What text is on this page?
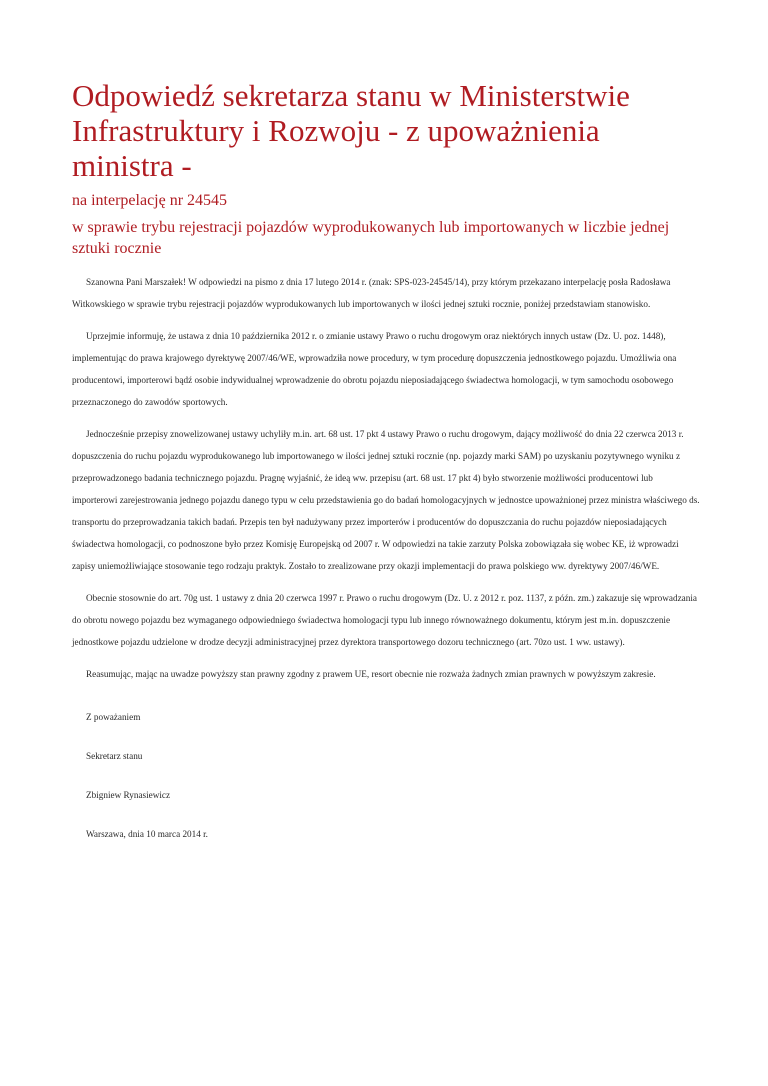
Odpowiedź sekretarza stanu w Ministerstwie Infrastruktury i Rozwoju - z upoważnienia ministra -
na interpelację nr 24545
w sprawie trybu rejestracji pojazdów wyprodukowanych lub importowanych w liczbie jednej sztuki rocznie

Szanowna Pani Marszałek! W odpowiedzi na pismo z dnia 17 lutego 2014 r. (znak: SPS-023-24545/14), przy którym przekazano interpelację posła Radosława Witkowskiego w sprawie trybu rejestracji pojazdów wyprodukowanych lub importowanych w ilości jednej sztuki rocznie, poniżej przedstawiam stanowisko.

Uprzejmie informuję, że ustawa z dnia 10 października 2012 r. o zmianie ustawy Prawo o ruchu drogowym oraz niektórych innych ustaw (Dz. U. poz. 1448), implementując do prawa krajowego dyrektywę 2007/46/WE, wprowadziła nowe procedury, w tym procedurę dopuszczenia jednostkowego pojazdu. Umożliwia ona producentowi, importerowi bądź osobie indywidualnej wprowadzenie do obrotu pojazdu nieposiadającego świadectwa homologacji, w tym samochodu osobowego przeznaczonego do zawodów sportowych.

Jednocześnie przepisy znowelizowanej ustawy uchyliły m.in. art. 68 ust. 17 pkt 4 ustawy Prawo o ruchu drogowym, dający możliwość do dnia 22 czerwca 2013 r. dopuszczenia do ruchu pojazdu wyprodukowanego lub importowanego w ilości jednej sztuki rocznie (np. pojazdy marki SAM) po uzyskaniu pozytywnego wyniku z przeprowadzonego badania technicznego pojazdu. Pragnę wyjaśnić, że ideą ww. przepisu (art. 68 ust. 17 pkt 4) było stworzenie możliwości producentowi lub importerowi zarejestrowania jednego pojazdu danego typu w celu przedstawienia go do badań homologacyjnych w jednostce upoważnionej przez ministra właściwego ds. transportu do przeprowadzania takich badań. Przepis ten był nadużywany przez importerów i producentów do dopuszczania do ruchu pojazdów nieposiadających świadectwa homologacji, co podnoszone było przez Komisję Europejską od 2007 r. W odpowiedzi na takie zarzuty Polska zobowiązała się wobec KE, iż wprowadzi zapisy uniemożliwiające stosowanie tego rodzaju praktyk. Zostało to zrealizowane przy okazji implementacji do prawa polskiego ww. dyrektywy 2007/46/WE.

Obecnie stosownie do art. 70g ust. 1 ustawy z dnia 20 czerwca 1997 r. Prawo o ruchu drogowym (Dz. U. z 2012 r. poz. 1137, z późn. zm.) zakazuje się wprowadzania do obrotu nowego pojazdu bez wymaganego odpowiedniego świadectwa homologacji typu lub innego równoważnego dokumentu, którym jest m.in. dopuszczenie jednostkowe pojazdu udzielone w drodze decyzji administracyjnej przez dyrektora transportowego dozoru technicznego (art. 70zo ust. 1 ww. ustawy).

Reasumując, mając na uwadze powyższy stan prawny zgodny z prawem UE, resort obecnie nie rozważa żadnych zmian prawnych w powyższym zakresie.

Z poważaniem

Sekretarz stanu

Zbigniew Rynasiewicz

Warszawa, dnia 10 marca 2014 r.
